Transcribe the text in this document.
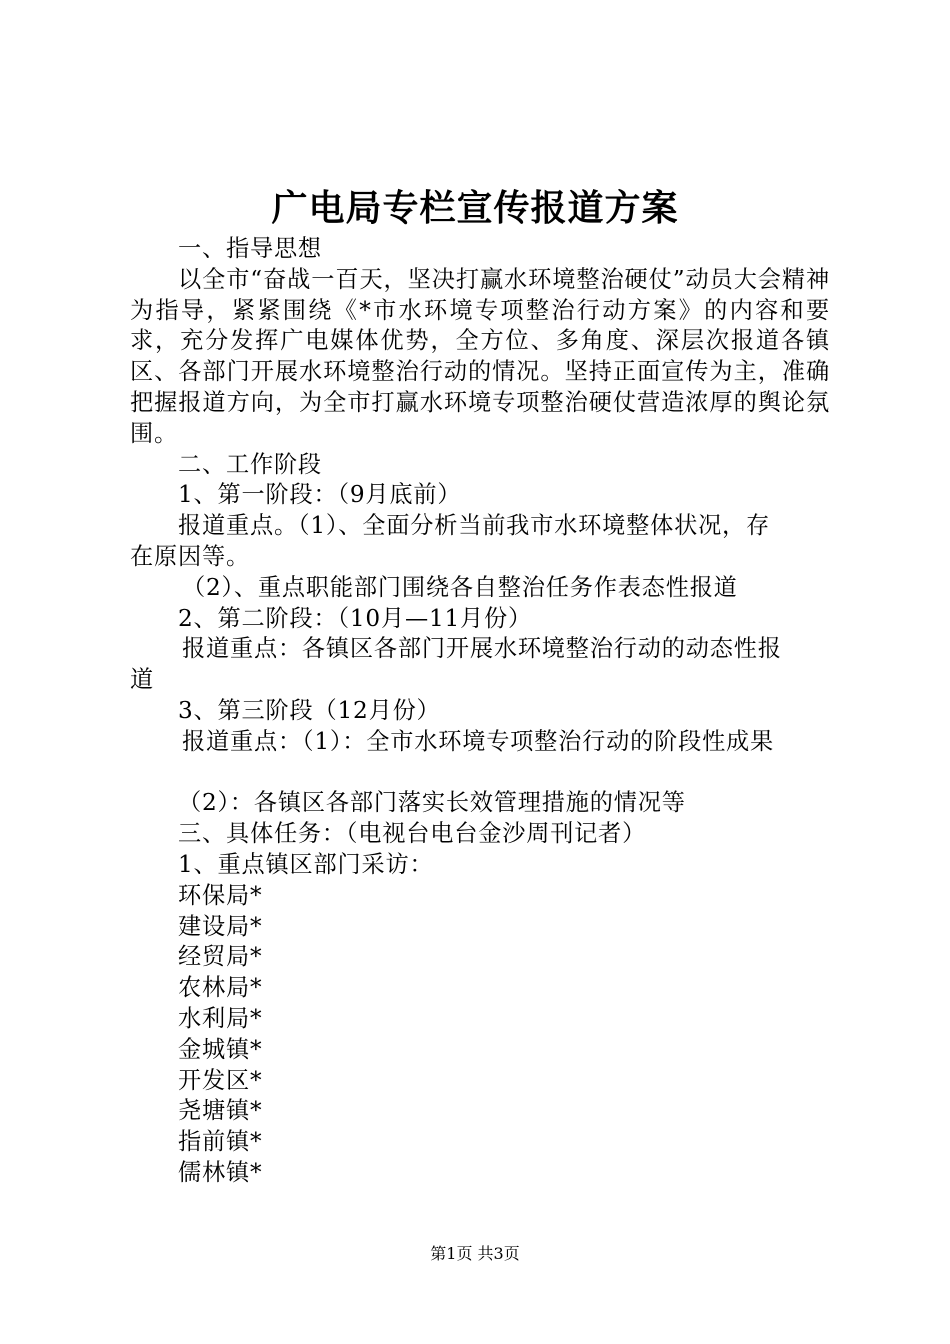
广电局专栏宣传报道方案
一、指导思想
以全市“奋战一百天，坚决打赢水环境整治硬仗”动员大会精神为指导，紧紧围绕《*市水环境专项整治行动方案》的内容和要求，充分发挥广电媒体优势，全方位、多角度、深层次报道各镇区、各部门开展水环境整治行动的情况。坚持正面宣传为主，准确把握报道方向，为全市打赢水环境专项整治硬仗营造浓厚的舆论氛围。
二、工作阶段
1、第一阶段：（9月底前）
报道重点。（1）、全面分析当前我市水环境整体状况，存
在原因等。
（2）、重点职能部门围绕各自整治任务作表态性报道
2、第二阶段：（10月—11月份）
报道重点：各镇区各部门开展水环境整治行动的动态性报
道
3、第三阶段（12月份）
报道重点：（1）：全市水环境专项整治行动的阶段性成果
（2）：各镇区各部门落实长效管理措施的情况等
三、具体任务：（电视台电台金沙周刊记者）
1、重点镇区部门采访：
环保局*
建设局*
经贸局*
农林局*
水利局*
金城镇*
开发区*
尧塘镇*
指前镇*
儒林镇*
第1页 共3页
